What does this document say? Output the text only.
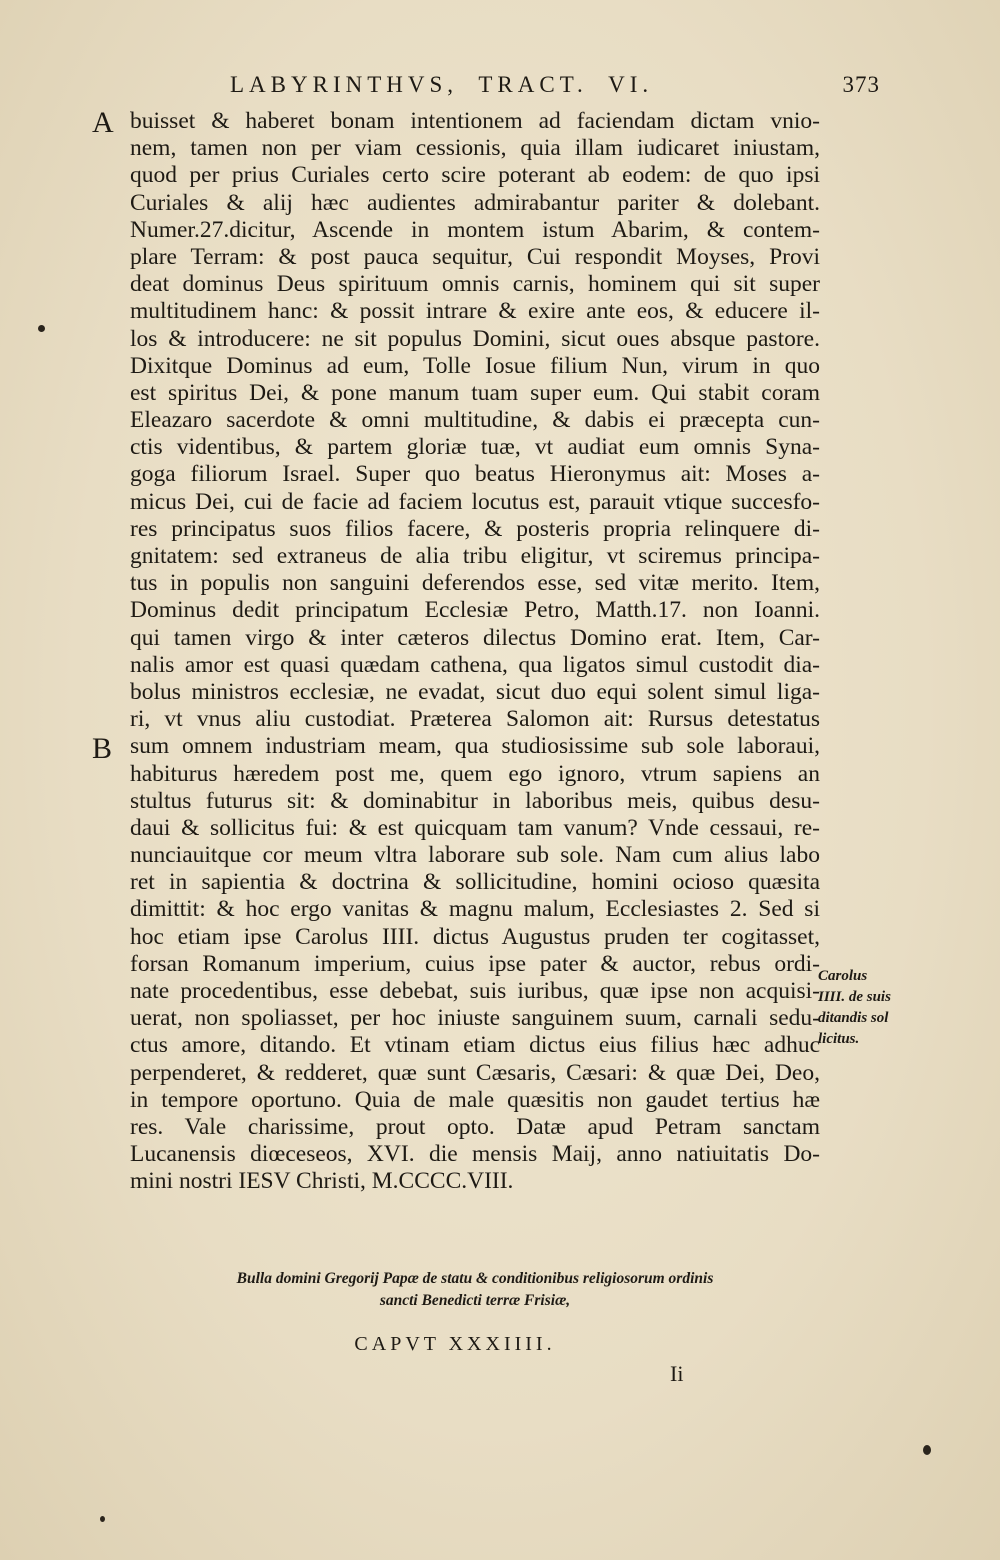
LABYRINTHVS, TRACT. VI.	373
A
B
buisset & haberet bonam intentionem ad faciendam dictam vnio-
nem, tamen non per viam cessionis, quia illam iudicaret iniustam,
quod per prius Curiales certo scire poterant ab eodem: de quo ipsi
Curiales & alij hæc audientes admirabantur pariter & dolebant.
Numer.27.dicitur, Ascende in montem istum Abarim, & contem-
plare Terram: & post pauca sequitur, Cui respondit Moyses, Provi
deat dominus Deus spirituum omnis carnis, hominem qui sit super
multitudinem hanc: & possit intrare & exire ante eos, & educere il-
los & introducere: ne sit populus Domini, sicut oues absque pastore.
Dixitque Dominus ad eum, Tolle Iosue filium Nun, virum in quo
est spiritus Dei, & pone manum tuam super eum. Qui stabit coram
Eleazaro sacerdote & omni multitudine, & dabis ei præcepta cun-
ctis videntibus, & partem gloriæ tuæ, vt audiat eum omnis Syna-
goga filiorum Israel. Super quo beatus Hieronymus ait: Moses a-
micus Dei, cui de facie ad faciem locutus est, parauit vtique succesfo-
res principatus suos filios facere, & posteris propria relinquere di-
gnitatem: sed extraneus de alia tribu eligitur, vt sciremus principa-
tus in populis non sanguini deferendos esse, sed vitæ merito. Item,
Dominus dedit principatum Ecclesiæ Petro, Matth.17. non Ioanni.
qui tamen virgo & inter cæteros dilectus Domino erat. Item, Car-
nalis amor est quasi quædam cathena, qua ligatos simul custodit dia-
bolus ministros ecclesiæ, ne evadat, sicut duo equi solent simul liga-
ri, vt vnus aliu custodiat. Præterea Salomon ait: Rursus detestatus
sum omnem industriam meam, qua studiosissime sub sole laboraui,
habiturus hæredem post me, quem ego ignoro, vtrum sapiens an
stultus futurus sit: & dominabitur in laboribus meis, quibus desu-
daui & sollicitus fui: & est quicquam tam vanum? Vnde cessaui, re-
nunciauitque cor meum vltra laborare sub sole. Nam cum alius labo
ret in sapientia & doctrina & sollicitudine, homini ocioso quæsita
dimittit: & hoc ergo vanitas & magnu malum, Ecclesiastes 2. Sed si
hoc etiam ipse Carolus IIII. dictus Augustus pruden ter cogitasset,
forsan Romanum imperium, cuius ipse pater & auctor, rebus ordi-
nate procedentibus, esse debebat, suis iuribus, quæ ipse non acquisi-
uerat, non spoliasset, per hoc iniuste sanguinem suum, carnali sedu-
ctus amore, ditando. Et vtinam etiam dictus eius filius hæc adhuc
perpenderet, & redderet, quæ sunt Cæsaris, Cæsari: & quæ Dei, Deo,
in tempore oportuno. Quia de male quæsitis non gaudet tertius hæ
res. Vale charissime, prout opto. Datæ apud Petram sanctam
Lucanensis diœceseos, XVI. die mensis Maij, anno natiuitatis Do-
mini nostri IESV Christi, M.CCCC.VIII.
Carolus
IIII. de suis
ditandis sol
licitus.
Bulla domini Gregorij Papæ de statu & conditionibus religiosorum ordinis
sancti Benedicti terræ Frisiæ,
CAPVT XXXIIII.
Ii
